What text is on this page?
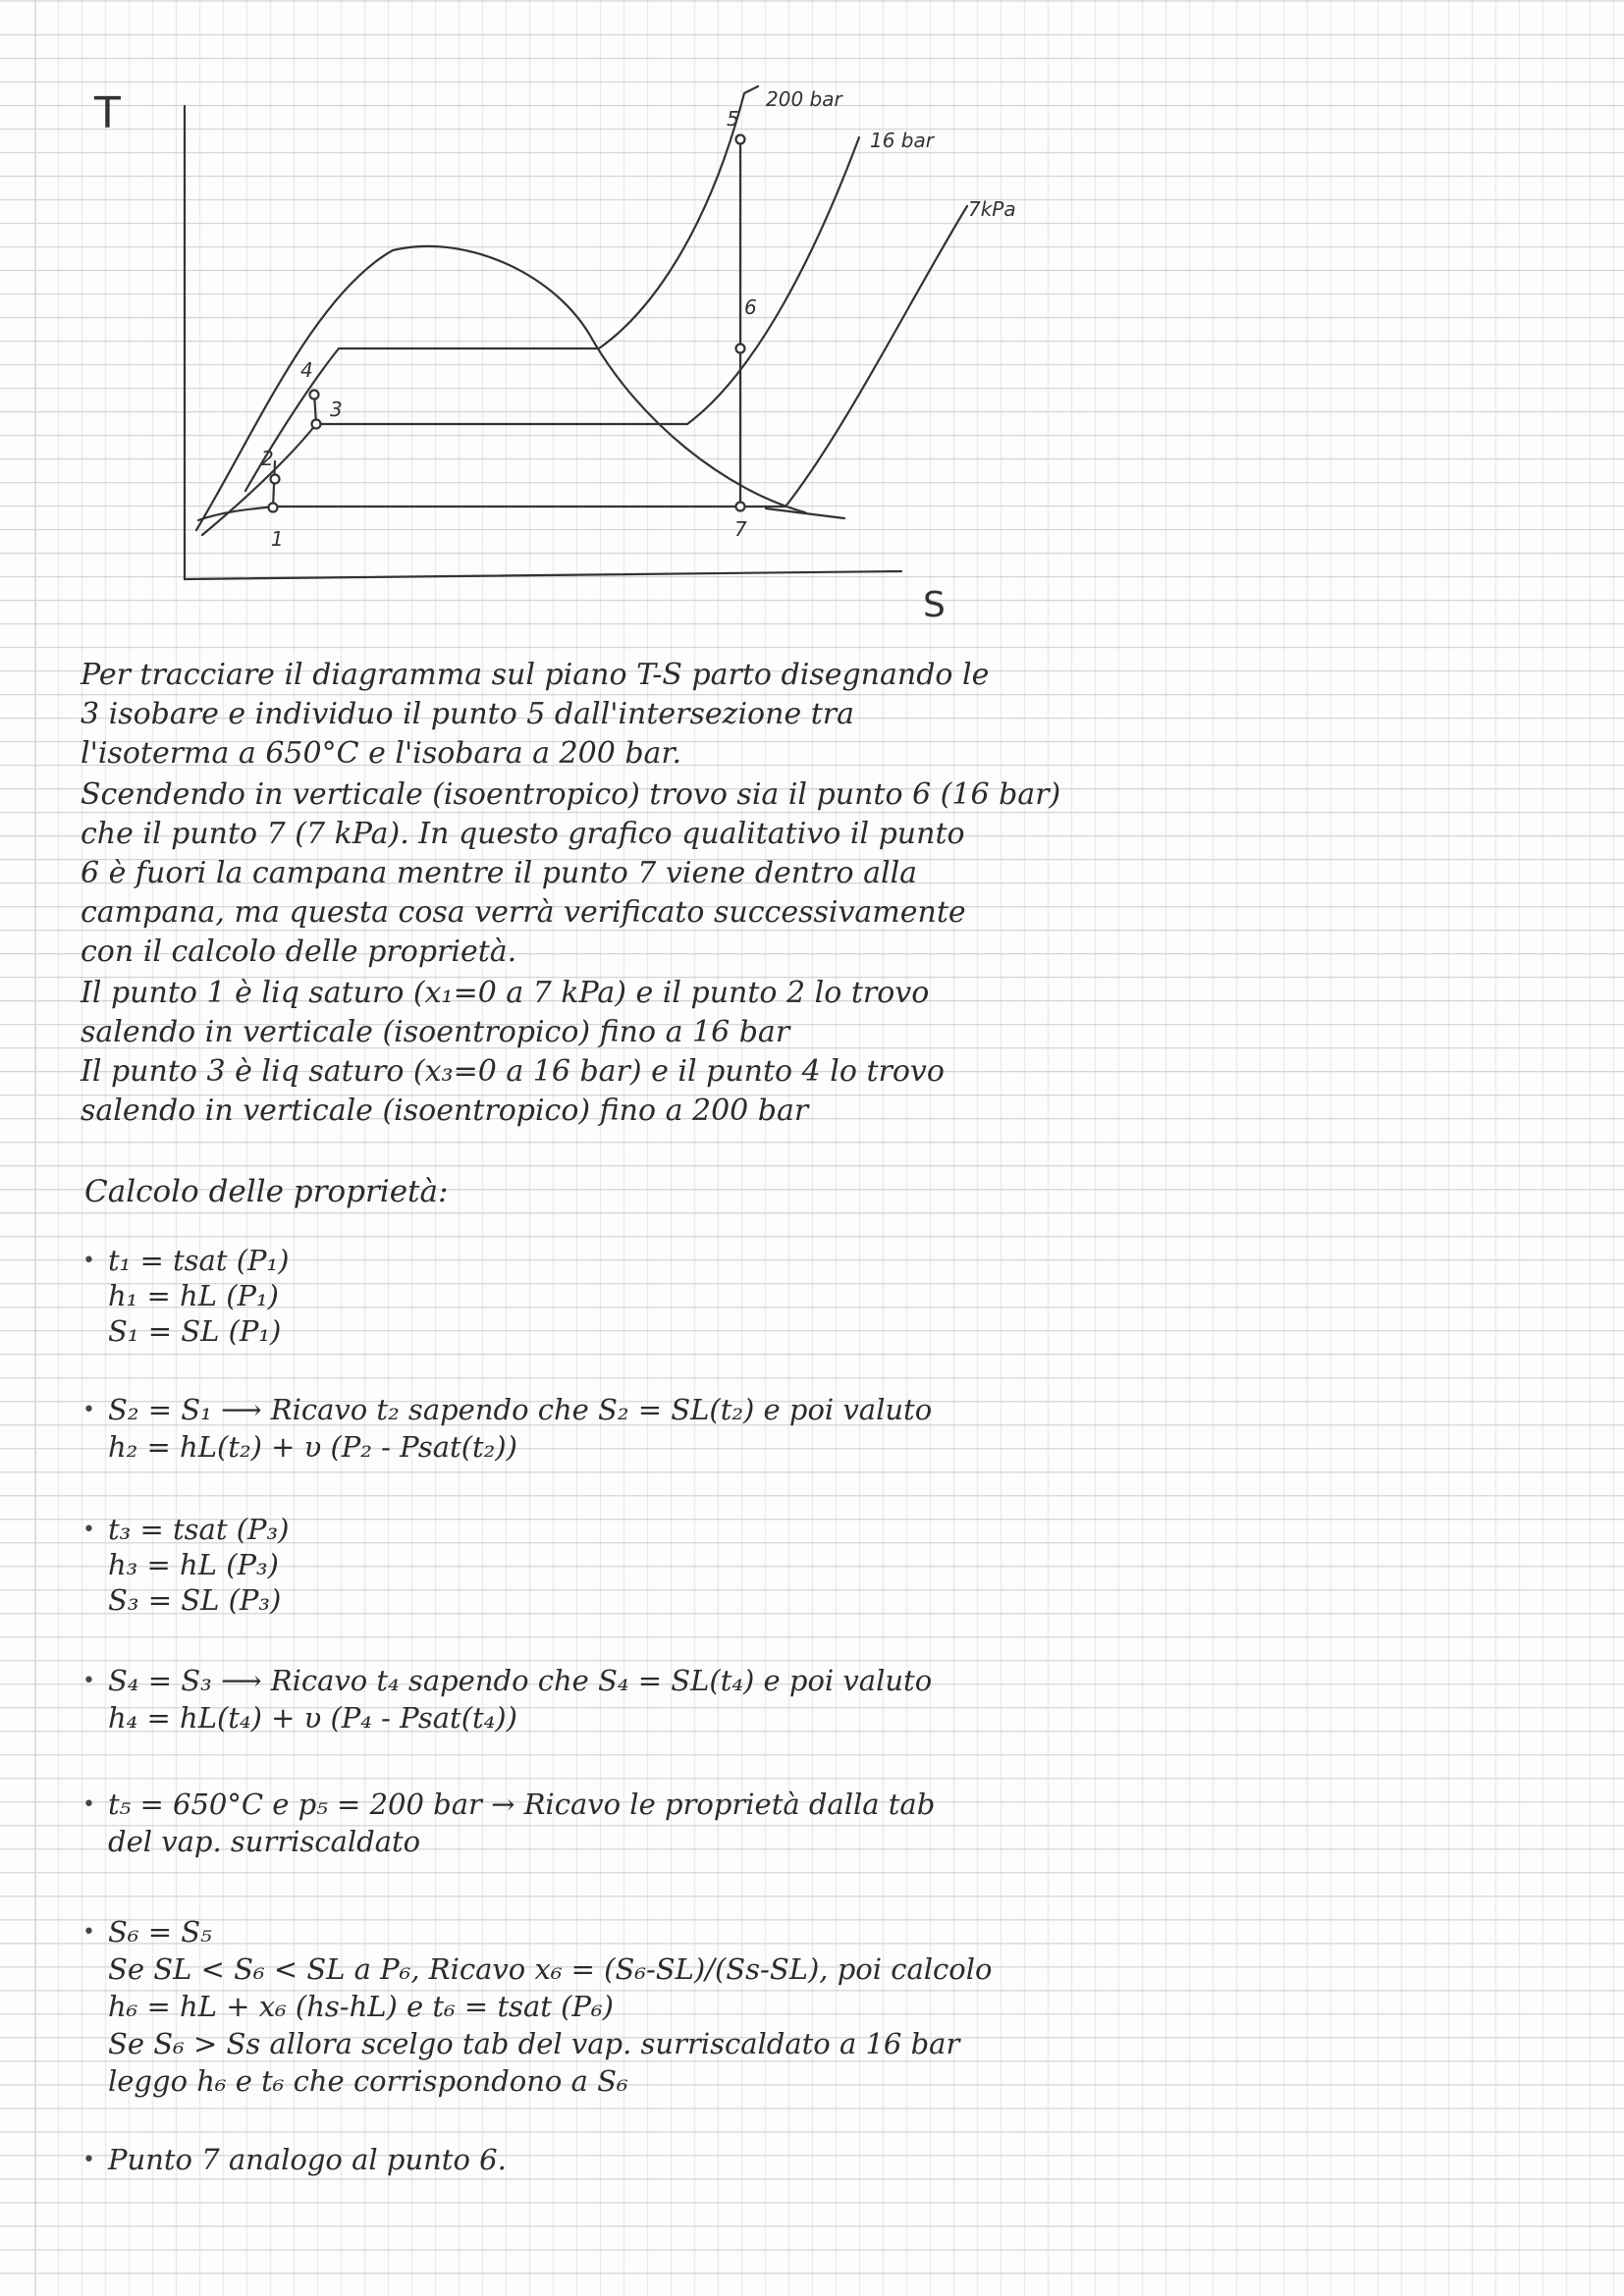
T
S
200 bar
16 bar
7kPa
1
2
3
4
5
6
7
Per tracciare il diagramma sul piano T-S parto disegnando le
3 isobare e individuo il punto 5 dall'intersezione tra
l'isoterma a 650°C e l'isobara a 200 bar.
Scendendo in verticale (isoentropico) trovo sia il punto 6 (16 bar)
che il punto 7 (7 kPa). In questo grafico qualitativo il punto
6 è fuori la campana mentre il punto 7 viene dentro alla
campana, ma questa cosa verrà verificato successivamente
con il calcolo delle proprietà.
Il punto 1 è liq saturo (x₁=0 a 7 kPa) e il punto 2 lo trovo
salendo in verticale (isoentropico) fino a 16 bar
Il punto 3 è liq saturo (x₃=0 a 16 bar) e il punto 4 lo trovo
salendo in verticale (isoentropico) fino a 200 bar
Calcolo delle proprietà:
• t₁ = tsat (P₁)
h₁ = hL (P₁)
S₁ = SL (P₁)
• S₂ = S₁ ⟶ Ricavo t₂ sapendo che S₂ = SL(t₂) e poi valuto
h₂ = hL(t₂) + υ (P₂ - Psat(t₂))
• t₃ = tsat (P₃)
h₃ = hL (P₃)
S₃ = SL (P₃)
• S₄ = S₃ ⟶ Ricavo t₄ sapendo che S₄ = SL(t₄) e poi valuto
h₄ = hL(t₄) + υ (P₄ - Psat(t₄))
• t₅ = 650°C e p₅ = 200 bar → Ricavo le proprietà dalla tab
del vap. surriscaldato
• S₆ = S₅
Se SL < S₆ < SL a P₆, Ricavo x₆ = (S₆-SL)/(Ss-SL), poi calcolo
h₆ = hL + x₆ (hs-hL) e t₆ = tsat (P₆)
Se S₆ > Ss allora scelgo tab del vap. surriscaldato a 16 bar
leggo h₆ e t₆ che corrispondono a S₆
• Punto 7 analogo al punto 6.
